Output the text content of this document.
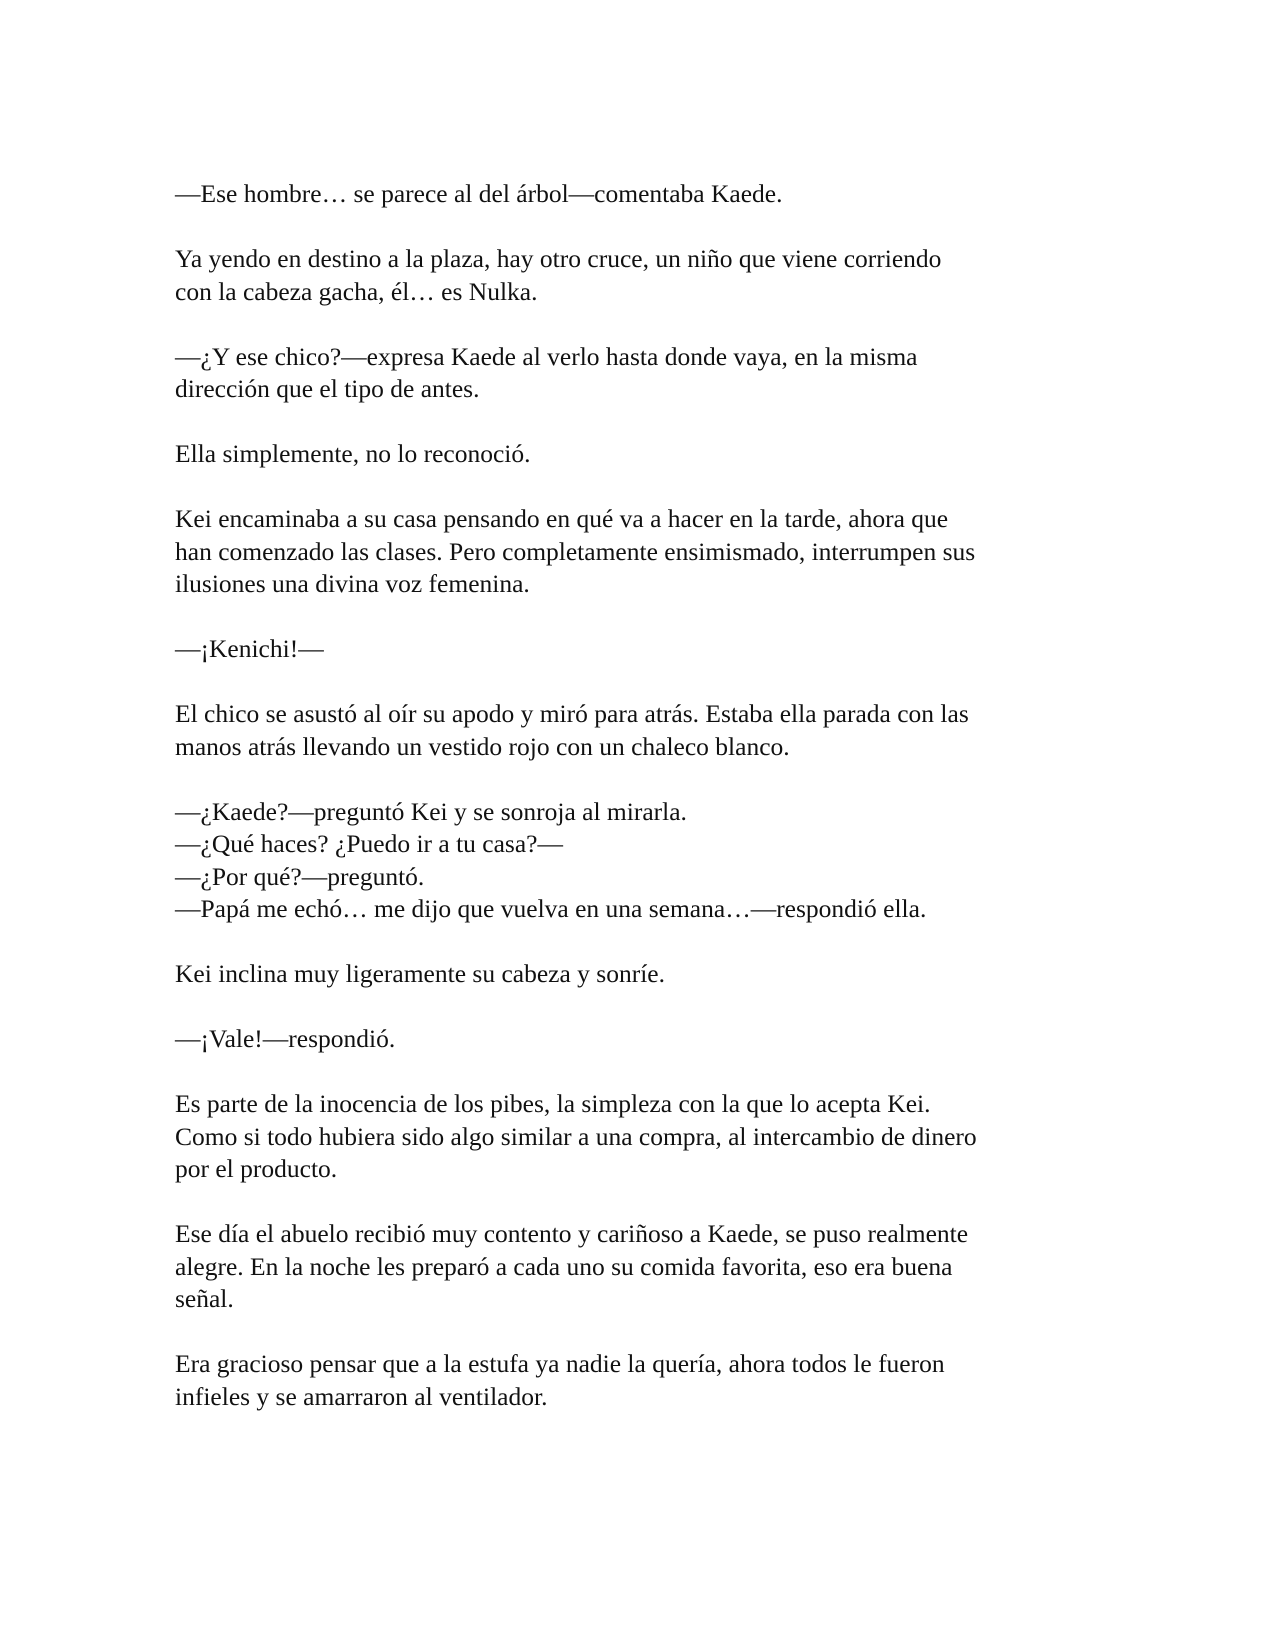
—Ese hombre… se parece al del árbol—comentaba Kaede.

Ya yendo en destino a la plaza, hay otro cruce, un niño que viene corriendo
con la cabeza gacha, él… es Nulka.

—¿Y ese chico?—expresa Kaede al verlo hasta donde vaya, en la misma
dirección que el tipo de antes.

Ella simplemente, no lo reconoció.

Kei encaminaba a su casa pensando en qué va a hacer en la tarde, ahora que
han comenzado las clases. Pero completamente ensimismado, interrumpen sus
ilusiones una divina voz femenina.

—¡Kenichi!—

El chico se asustó al oír su apodo y miró para atrás. Estaba ella parada con las
manos atrás llevando un vestido rojo con un chaleco blanco.

—¿Kaede?—preguntó Kei y se sonroja al mirarla.
—¿Qué haces? ¿Puedo ir a tu casa?—
—¿Por qué?—preguntó.
—Papá me echó… me dijo que vuelva en una semana…—respondió ella.

Kei inclina muy ligeramente su cabeza y sonríe.

—¡Vale!—respondió.

Es parte de la inocencia de los pibes, la simpleza con la que lo acepta Kei.
Como si todo hubiera sido algo similar a una compra, al intercambio de dinero
por el producto.

Ese día el abuelo recibió muy contento y cariñoso a Kaede, se puso realmente
alegre. En la noche les preparó a cada uno su comida favorita, eso era buena
señal.

Era gracioso pensar que a la estufa ya nadie la quería, ahora todos le fueron
infieles y se amarraron al ventilador.
